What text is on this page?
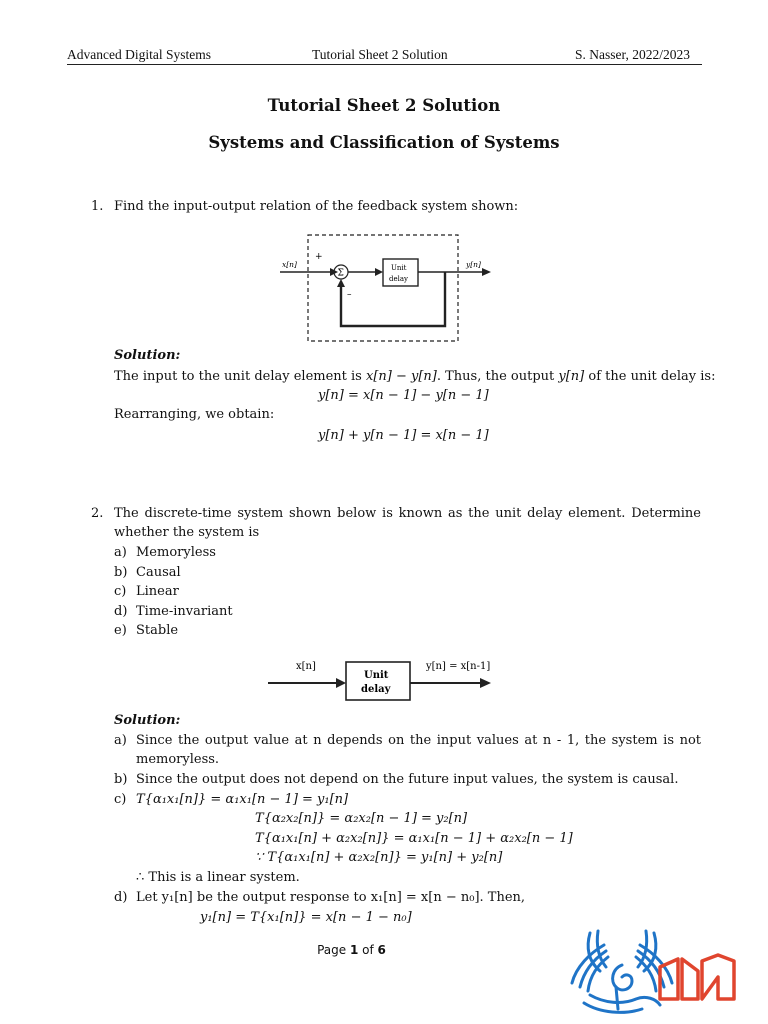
Advanced Digital Systems	Tutorial Sheet 2 Solution	S. Nasser, 2022/2023
Tutorial Sheet 2 Solution
Systems and Classification of Systems
1. Find the input-output relation of the feedback system shown:
x[n]
+
Σ
Unit
delay
y[n]
–
Solution:
The input to the unit delay element is x[n] − y[n]. Thus, the output y[n] of the unit delay is:
y[n] = x[n − 1] − y[n − 1]
Rearranging, we obtain:
y[n] + y[n − 1] = x[n − 1]
2. The discrete-time system shown below is known as the unit delay element. Determine
whether the system is
a) Memoryless
b) Causal
c) Linear
d) Time-invariant
e) Stable
x[n]
Unit
delay
y[n] = x[n-1]
Solution:
a) Since the output value at n depends on the input values at n - 1, the system is not
memoryless.
b) Since the output does not depend on the future input values, the system is causal.
c) T{α₁x₁[n]} = α₁x₁[n − 1] = y₁[n]
T{α₂x₂[n]} = α₂x₂[n − 1] = y₂[n]
T{α₁x₁[n] + α₂x₂[n]} = α₁x₁[n − 1] + α₂x₂[n − 1]
∵ T{α₁x₁[n] + α₂x₂[n]} = y₁[n] + y₂[n]
∴ This is a linear system.
d) Let y₁[n] be the output response to x₁[n] = x[n − n₀]. Then,
y₁[n] = T{x₁[n]} = x[n − 1 − n₀]
Page 1 of 6
